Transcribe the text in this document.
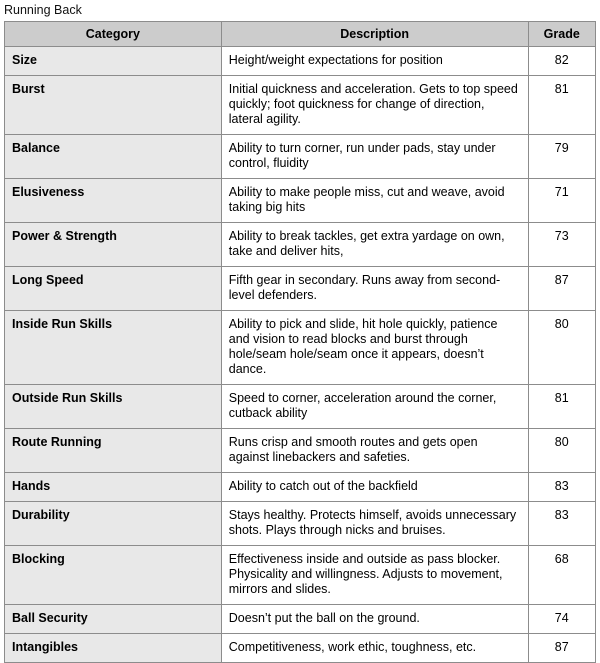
Running Back
Category	Description	Grade
Size	Height/weight expectations for position	82
Burst	Initial quickness and acceleration. Gets to top speed quickly; foot quickness for change of direction, lateral agility.	81
Balance	Ability to turn corner, run under pads, stay under control, fluidity	79
Elusiveness	Ability to make people miss, cut and weave, avoid taking big hits	71
Power & Strength	Ability to break tackles, get extra yardage on own, take and deliver hits,	73
Long Speed	Fifth gear in secondary. Runs away from second-level defenders.	87
Inside Run Skills	Ability to pick and slide, hit hole quickly, patience and vision to read blocks and burst through hole/seam hole/seam once it appears, doesn’t dance.	80
Outside Run Skills	Speed to corner, acceleration around the corner, cutback ability	81
Route Running	Runs crisp and smooth routes and gets open against linebackers and safeties.	80
Hands	Ability to catch out of the backfield	83
Durability	Stays healthy. Protects himself, avoids unnecessary shots. Plays through nicks and bruises.	83
Blocking	Effectiveness inside and outside as pass blocker. Physicality and willingness. Adjusts to movement, mirrors and slides.	68
Ball Security	Doesn’t put the ball on the ground.	74
Intangibles	Competitiveness, work ethic, toughness, etc.	87
